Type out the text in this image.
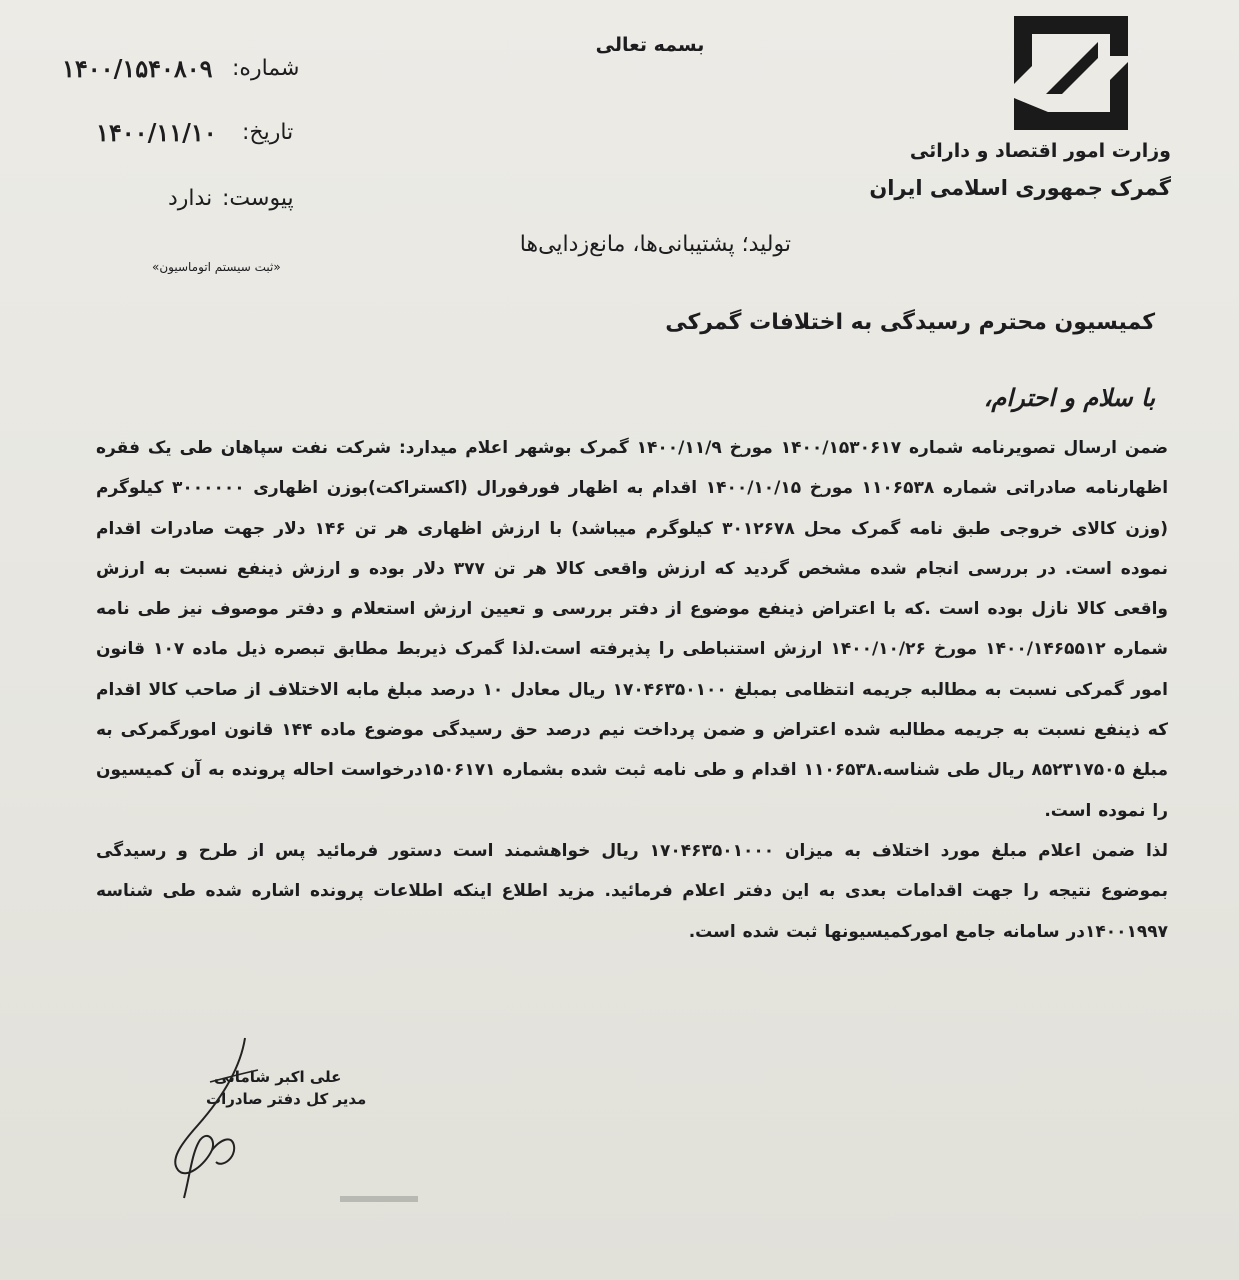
وزارت امور اقتصاد و دارائی
گمرک جمهوری اسلامی ایران
بسمه تعالی
شماره:
۱۴۰۰/۱۵۴۰۸۰۹
تاریخ:
۱۴۰۰/۱۱/۱۰
پیوست:
ندارد
«ثبت سیستم اتوماسیون»
تولید؛ پشتیبانی‌ها، مانع‌زدایی‌ها
کمیسیون محترم رسیدگی به اختلافات گمرکی
با سلام و احترام،

ضمن ارسال تصویرنامه شماره ۱۴۰۰/۱۵۳۰۶۱۷ مورخ ۱۴۰۰/۱۱/۹ گمرک بوشهر اعلام میدارد: شرکت نفت سپاهان طی یک فقره اظهارنامه صادراتی شماره ۱۱۰۶۵۳۸ مورخ ۱۴۰۰/۱۰/۱۵ اقدام به اظهار فورفورال (اکستراکت)بوزن اظهاری ۳۰۰۰۰۰۰ کیلوگرم (وزن کالای خروجی طبق نامه گمرک محل ۳۰۱۲۶۷۸ کیلوگرم میباشد) با ارزش اظهاری هر تن ۱۴۶ دلار جهت صادرات اقدام نموده است. در بررسی انجام شده مشخص گردید که ارزش واقعی کالا هر تن ۳۷۷ دلار بوده و ارزش ذینفع نسبت به ارزش واقعی کالا نازل بوده است .که با اعتراض ذینفع موضوع از دفتر بررسی و تعیین ارزش استعلام و دفتر موصوف نیز طی نامه شماره ۱۴۰۰/۱۴۶۵۵۱۲ مورخ ۱۴۰۰/۱۰/۲۶ ارزش استنباطی را پذیرفته است.لذا گمرک ذیربط مطابق تبصره ذیل ماده ۱۰۷ قانون امور گمرکی نسبت به مطالبه جریمه انتظامی بمبلغ ۱۷۰۴۶۳۵۰۱۰۰ ریال معادل ۱۰ درصد مبلغ مابه الاختلاف از صاحب کالا اقدام که ذینفع نسبت به جریمه مطالبه شده اعتراض و ضمن پرداخت نیم درصد حق رسیدگی موضوع ماده ۱۴۴ قانون امورگمرکی به مبلغ ۸۵۲۳۱۷۵۰۵ ریال طی شناسه.۱۱۰۶۵۳۸ اقدام و طی نامه ثبت شده بشماره ۱۵۰۶۱۷۱درخواست احاله پرونده به آن کمیسیون را نموده است.

لذا ضمن اعلام مبلغ مورد اختلاف به میزان ۱۷۰۴۶۳۵۰۱۰۰۰ ریال خواهشمند است دستور فرمائید پس از طرح و رسیدگی بموضوع نتیجه را جهت اقدامات بعدی به این دفتر اعلام فرمائید. مزید اطلاع اینکه اطلاعات پرونده اشاره شده طی شناسه ۱۴۰۰۱۹۹۷در سامانه جامع امورکمیسیونها ثبت شده است.

علی اکبر شامانی
مدیر کل دفتر صادرات
